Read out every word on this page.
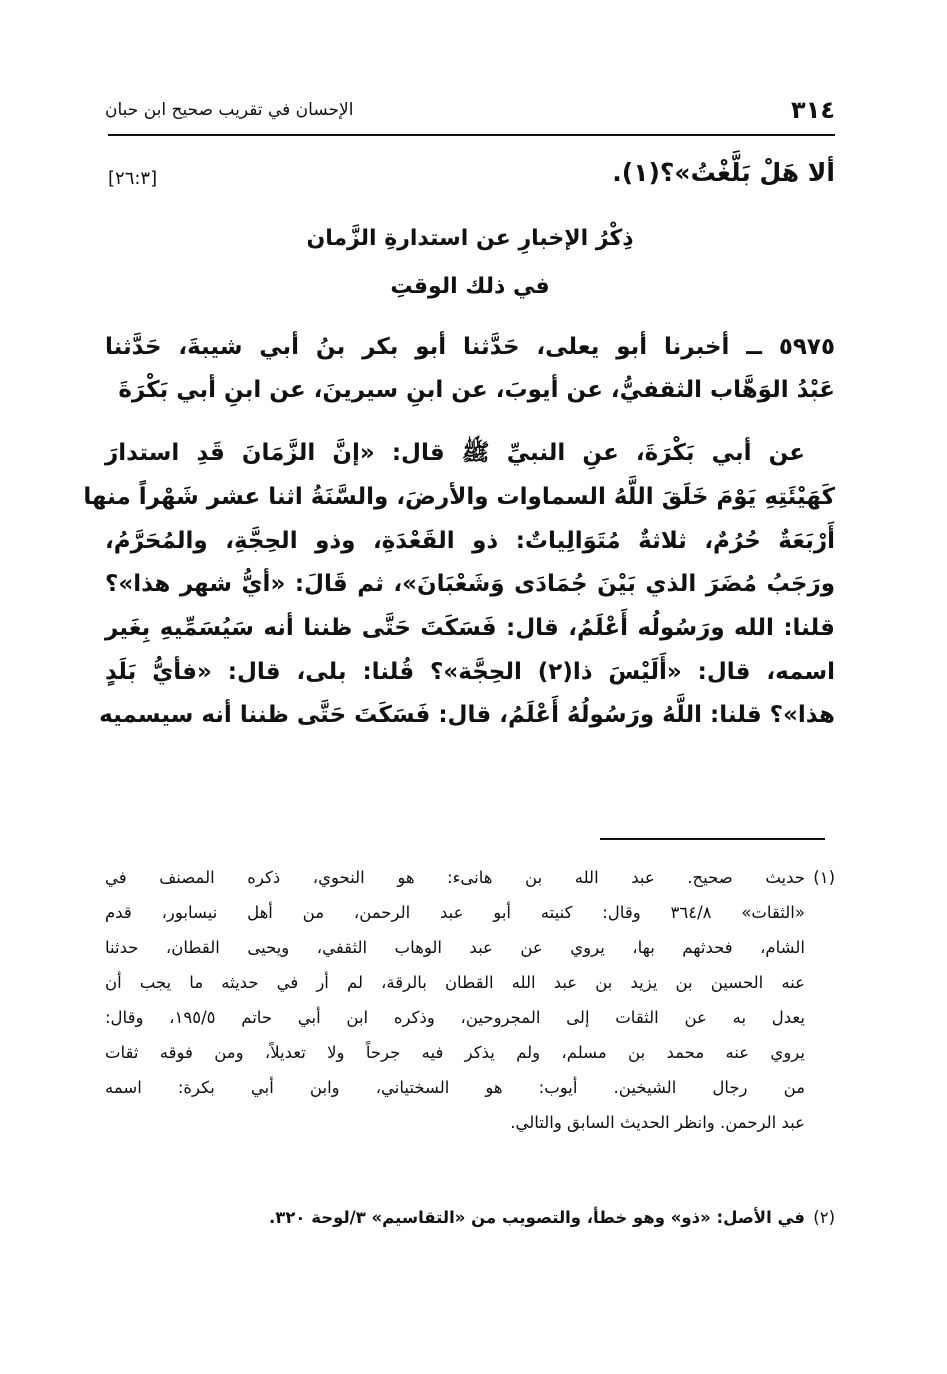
٣١٤
الإحسان في تقريب صحيح ابن حبان
ألا هَلْ بَلَّغْتُ»؟(١).
[٢٦:٣]
ذِكْرُ الإخبارِ عن استدارةِ الزَّمان
في ذلك الوقتِ
٥٩٧٥ ــ أخبرنا أبو يعلى، حَدَّثنا أبو بكر بنُ أبي شيبةَ، حَدَّثنا
عَبْدُ الوَهَّاب الثقفيُّ، عن أيوبَ، عن ابنِ سيرينَ، عن ابنِ أبي بَكْرَةَ
عن أبي بَكْرَةَ، عنِ النبيِّ ﷺ قال: «إنَّ الزَّمَانَ قَدِ استدارَ
كَهَيْئَتِهِ يَوْمَ خَلَقَ اللَّهُ السماوات والأرضَ، والسَّنَةُ اثنا عشر شَهْراً منها
أَرْبَعَةٌ حُرُمٌ، ثلاثةٌ مُتَوَالِياتٌ: ذو القَعْدَةِ، وذو الحِجَّةِ، والمُحَرَّمُ،
ورَجَبُ مُضَرَ الذي بَيْنَ جُمَادَى وَشَعْبَانَ»، ثم قَالَ: «أيُّ شهر هذا»؟
قلنا: الله ورَسُولُه أَعْلَمُ، قال: فَسَكَتَ حَتَّى ظننا أنه سَيُسَمِّيهِ بِغَير
اسمه، قال: «أَلَيْسَ ذا(٢) الحِجَّة»؟ قُلنا: بلى، قال: «فأيُّ بَلَدٍ
هذا»؟ قلنا: اللَّهُ ورَسُولُهُ أَعْلَمُ، قال: فَسَكَتَ حَتَّى ظننا أنه سيسميه
(١)
حديث صحيح. عبد الله بن هانىء: هو النحوي، ذكره المصنف في
«الثقات» ٣٦٤/٨ وقال: كنيته أبو عبد الرحمن، من أهل نيسابور، قدم
الشام، فحدثهم بها، يروي عن عبد الوهاب الثقفي، ويحيى القطان، حدثنا
عنه الحسين بن يزيد بن عبد الله القطان بالرقة، لم أر في حديثه ما يجب أن
يعدل به عن الثقات إلى المجروحين، وذكره ابن أبي حاتم ١٩٥/٥، وقال:
يروي عنه محمد بن مسلم، ولم يذكر فيه جرحاً ولا تعديلاً، ومن فوقه ثقات
من رجال الشيخين. أيوب: هو السختياني، وابن أبي بكرة: اسمه
عبد الرحمن. وانظر الحديث السابق والتالي.
(٢)
في الأصل: «ذو» وهو خطأ، والتصويب من «التقاسيم» ٣/لوحة ٣٢٠.
